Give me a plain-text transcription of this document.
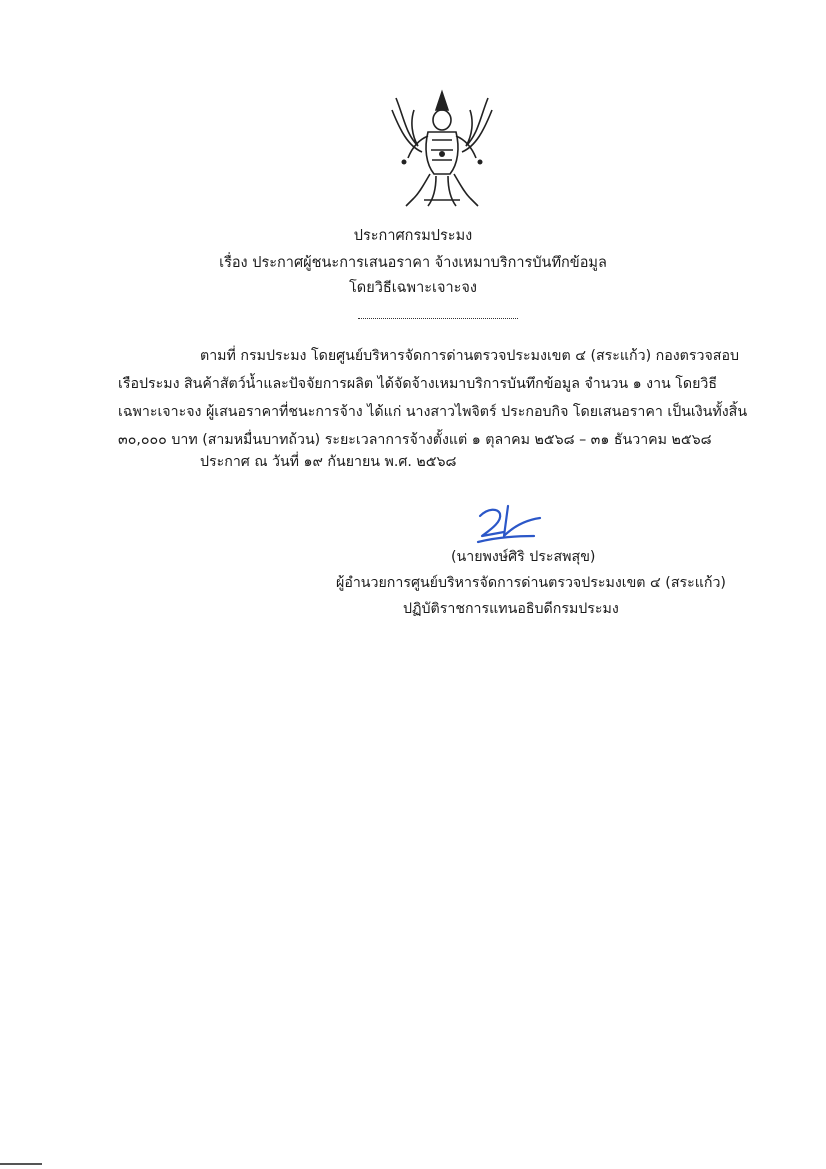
ประกาศกรมประมง
เรื่อง ประกาศผู้ชนะการเสนอราคา จ้างเหมาบริการบันทึกข้อมูล
โดยวิธีเฉพาะเจาะจง
ตามที่ กรมประมง โดยศูนย์บริหารจัดการด่านตรวจประมงเขต ๔ (สระแก้ว) กองตรวจสอบ
เรือประมง สินค้าสัตว์น้ำและปัจจัยการผลิต ได้จัดจ้างเหมาบริการบันทึกข้อมูล จำนวน ๑ งาน โดยวิธี
เฉพาะเจาะจง ผู้เสนอราคาที่ชนะการจ้าง ได้แก่ นางสาวไพจิตร์ ประกอบกิจ โดยเสนอราคา เป็นเงินทั้งสิ้น
๓๐,๐๐๐ บาท (สามหมื่นบาทถ้วน) ระยะเวลาการจ้างตั้งแต่ ๑ ตุลาคม ๒๕๖๘ – ๓๑ ธันวาคม ๒๕๖๘
ประกาศ ณ วันที่ ๑๙ กันยายน พ.ศ. ๒๕๖๘
(นายพงษ์ศิริ ประสพสุข)
ผู้อำนวยการศูนย์บริหารจัดการด่านตรวจประมงเขต ๔ (สระแก้ว)
ปฏิบัติราชการแทนอธิบดีกรมประมง
